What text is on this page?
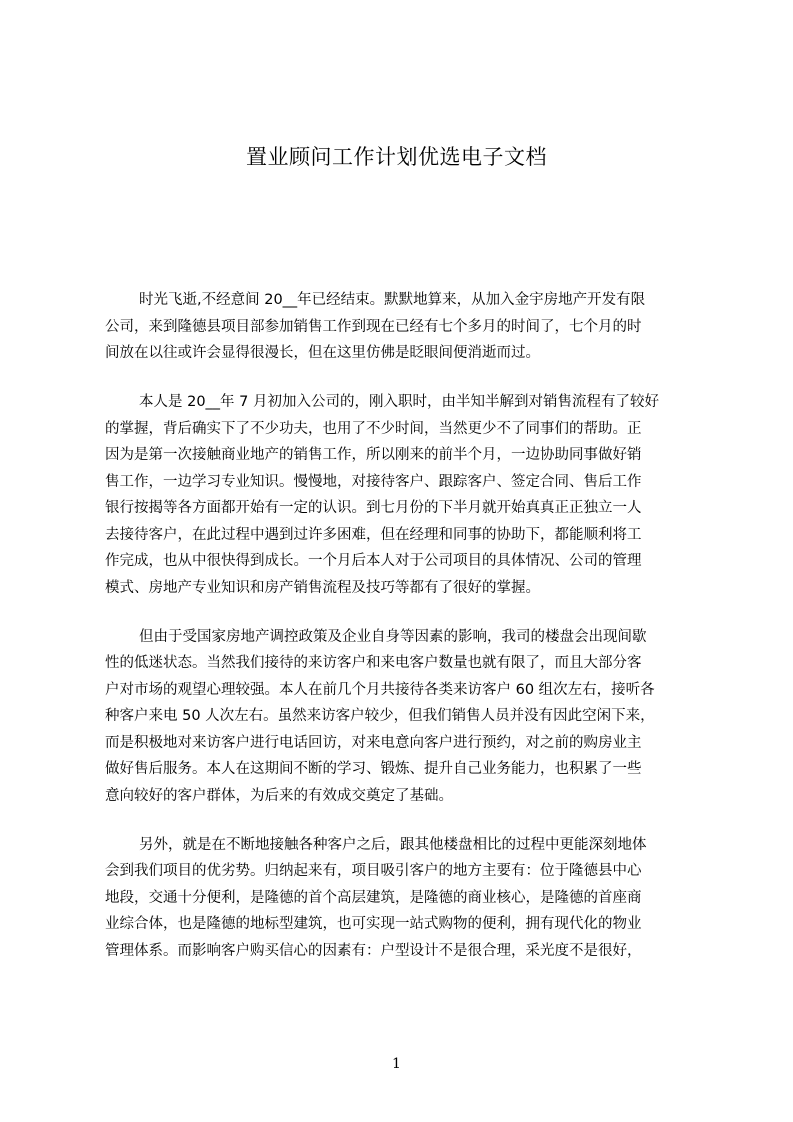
置业顾问工作计划优选电子文档
时光飞逝,不经意间 20__年已经结束。默默地算来，从加入金宇房地产开发有限
公司，来到隆德县项目部参加销售工作到现在已经有七个多月的时间了，七个月的时
间放在以往或许会显得很漫长，但在这里仿佛是眨眼间便消逝而过。
本人是 20__年 7 月初加入公司的，刚入职时，由半知半解到对销售流程有了较好
的掌握，背后确实下了不少功夫，也用了不少时间，当然更少不了同事们的帮助。正
因为是第一次接触商业地产的销售工作，所以刚来的前半个月，一边协助同事做好销
售工作，一边学习专业知识。慢慢地，对接待客户、跟踪客户、签定合同、售后工作
银行按揭等各方面都开始有一定的认识。到七月份的下半月就开始真真正正独立一人
去接待客户，在此过程中遇到过许多困难，但在经理和同事的协助下，都能顺利将工
作完成，也从中很快得到成长。一个月后本人对于公司项目的具体情况、公司的管理
模式、房地产专业知识和房产销售流程及技巧等都有了很好的掌握。
但由于受国家房地产调控政策及企业自身等因素的影响，我司的楼盘会出现间歇
性的低迷状态。当然我们接待的来访客户和来电客户数量也就有限了，而且大部分客
户对市场的观望心理较强。本人在前几个月共接待各类来访客户 60 组次左右，接听各
种客户来电 50 人次左右。虽然来访客户较少，但我们销售人员并没有因此空闲下来，
而是积极地对来访客户进行电话回访，对来电意向客户进行预约，对之前的购房业主
做好售后服务。本人在这期间不断的学习、锻炼、提升自己业务能力，也积累了一些
意向较好的客户群体，为后来的有效成交奠定了基础。
另外，就是在不断地接触各种客户之后，跟其他楼盘相比的过程中更能深刻地体
会到我们项目的优劣势。归纳起来有，项目吸引客户的地方主要有：位于隆德县中心
地段，交通十分便利，是隆德的首个高层建筑，是隆德的商业核心，是隆德的首座商
业综合体，也是隆德的地标型建筑，也可实现一站式购物的便利，拥有现代化的物业
管理体系。而影响客户购买信心的因素有：户型设计不是很合理，采光度不是很好，
1
